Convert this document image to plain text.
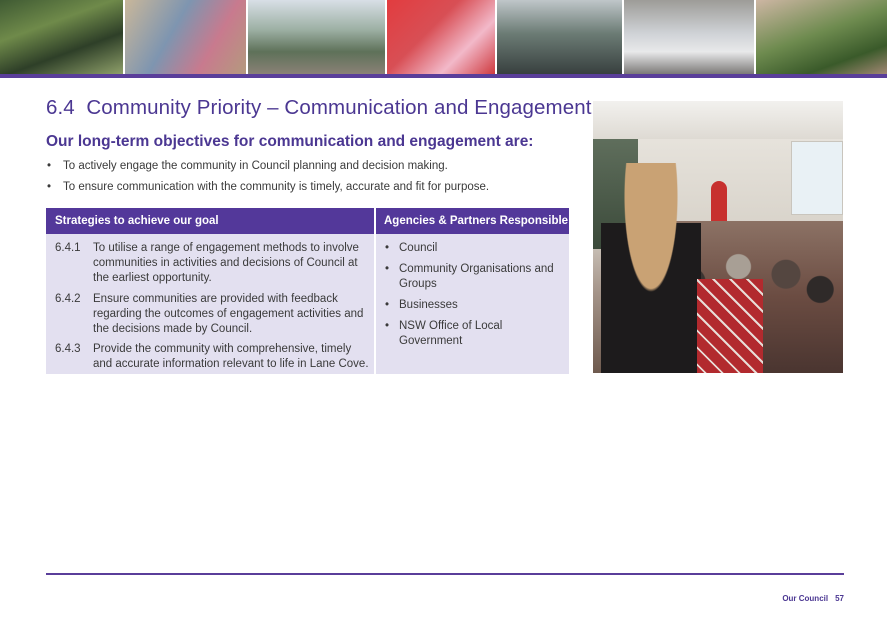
6.4 Community Priority – Communication and Engagement
Our long-term objectives for communication and engagement are:
• To actively engage the community in Council planning and decision making.
• To ensure communication with the community is timely, accurate and fit for purpose.
Strategies to achieve our goal	Agencies & Partners Responsible
6.4.1 To utilise a range of engagement methods to involve communities in activities and decisions of Council at the earliest opportunity.
6.4.2 Ensure communities are provided with feedback regarding the outcomes of engagement activities and the decisions made by Council.
6.4.3 Provide the community with comprehensive, timely and accurate information relevant to life in Lane Cove.
• Council
• Community Organisations and Groups
• Businesses
• NSW Office of Local Government
Our Council 57
